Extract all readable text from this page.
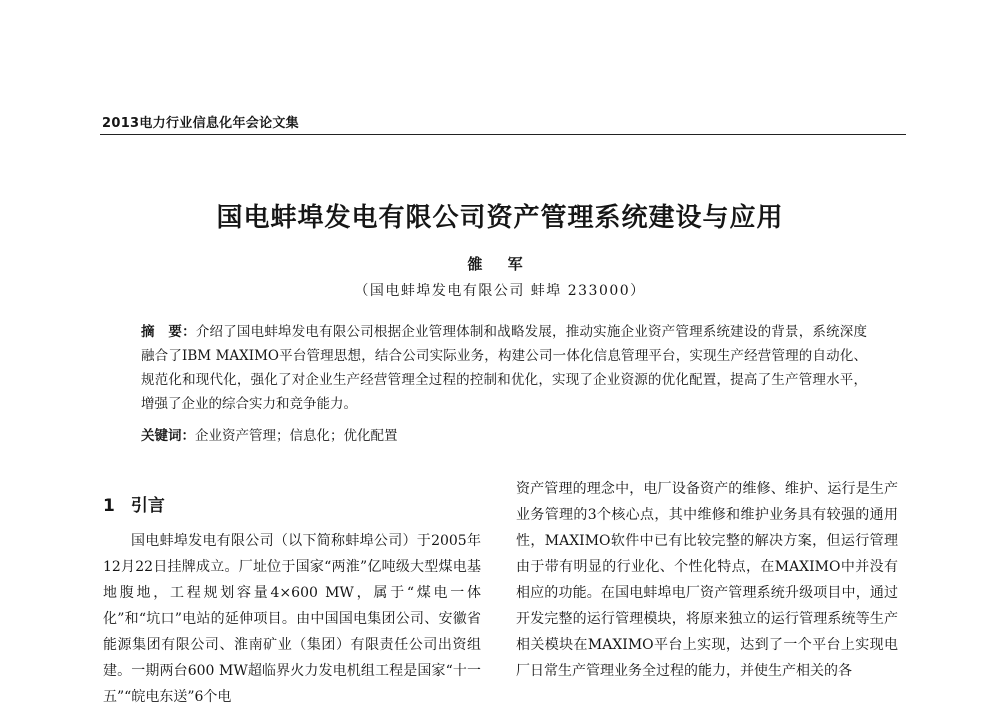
2013电力行业信息化年会论文集
国电蚌埠发电有限公司资产管理系统建设与应用
雒 军
（国电蚌埠发电有限公司 蚌埠 233000）
摘　要：介绍了国电蚌埠发电有限公司根据企业管理体制和战略发展，推动实施企业资产管理系统建设的背景，系统深度融合了IBM MAXIMO平台管理思想，结合公司实际业务，构建公司一体化信息管理平台，实现生产经营管理的自动化、规范化和现代化，强化了对企业生产经营管理全过程的控制和优化，实现了企业资源的优化配置，提高了生产管理水平，增强了企业的综合实力和竞争能力。
关键词：企业资产管理；信息化；优化配置
1 引言

国电蚌埠发电有限公司（以下简称蚌埠公司）于2005年12月22日挂牌成立。厂址位于国家“两淮”亿吨级大型煤电基地腹地，工程规划容量4×600 MW，属于“煤电一体化”和“坑口”电站的延伸项目。由中国国电集团公司、安徽省能源集团有限公司、淮南矿业（集团）有限责任公司出资组建。一期两台600 MW超临界火力发电机组工程是国家“十一五”“皖电东送”6个电

资产管理的理念中，电厂设备资产的维修、维护、运行是生产业务管理的3个核心点，其中维修和维护业务具有较强的通用性，MAXIMO软件中已有比较完整的解决方案，但运行管理由于带有明显的行业化、个性化特点，在MAXIMO中并没有相应的功能。在国电蚌埠电厂资产管理系统升级项目中，通过开发完整的运行管理模块，将原来独立的运行管理系统等生产相关模块在MAXIMO平台上实现，达到了一个平台上实现电厂日常生产管理业务全过程的能力，并使生产相关的各
